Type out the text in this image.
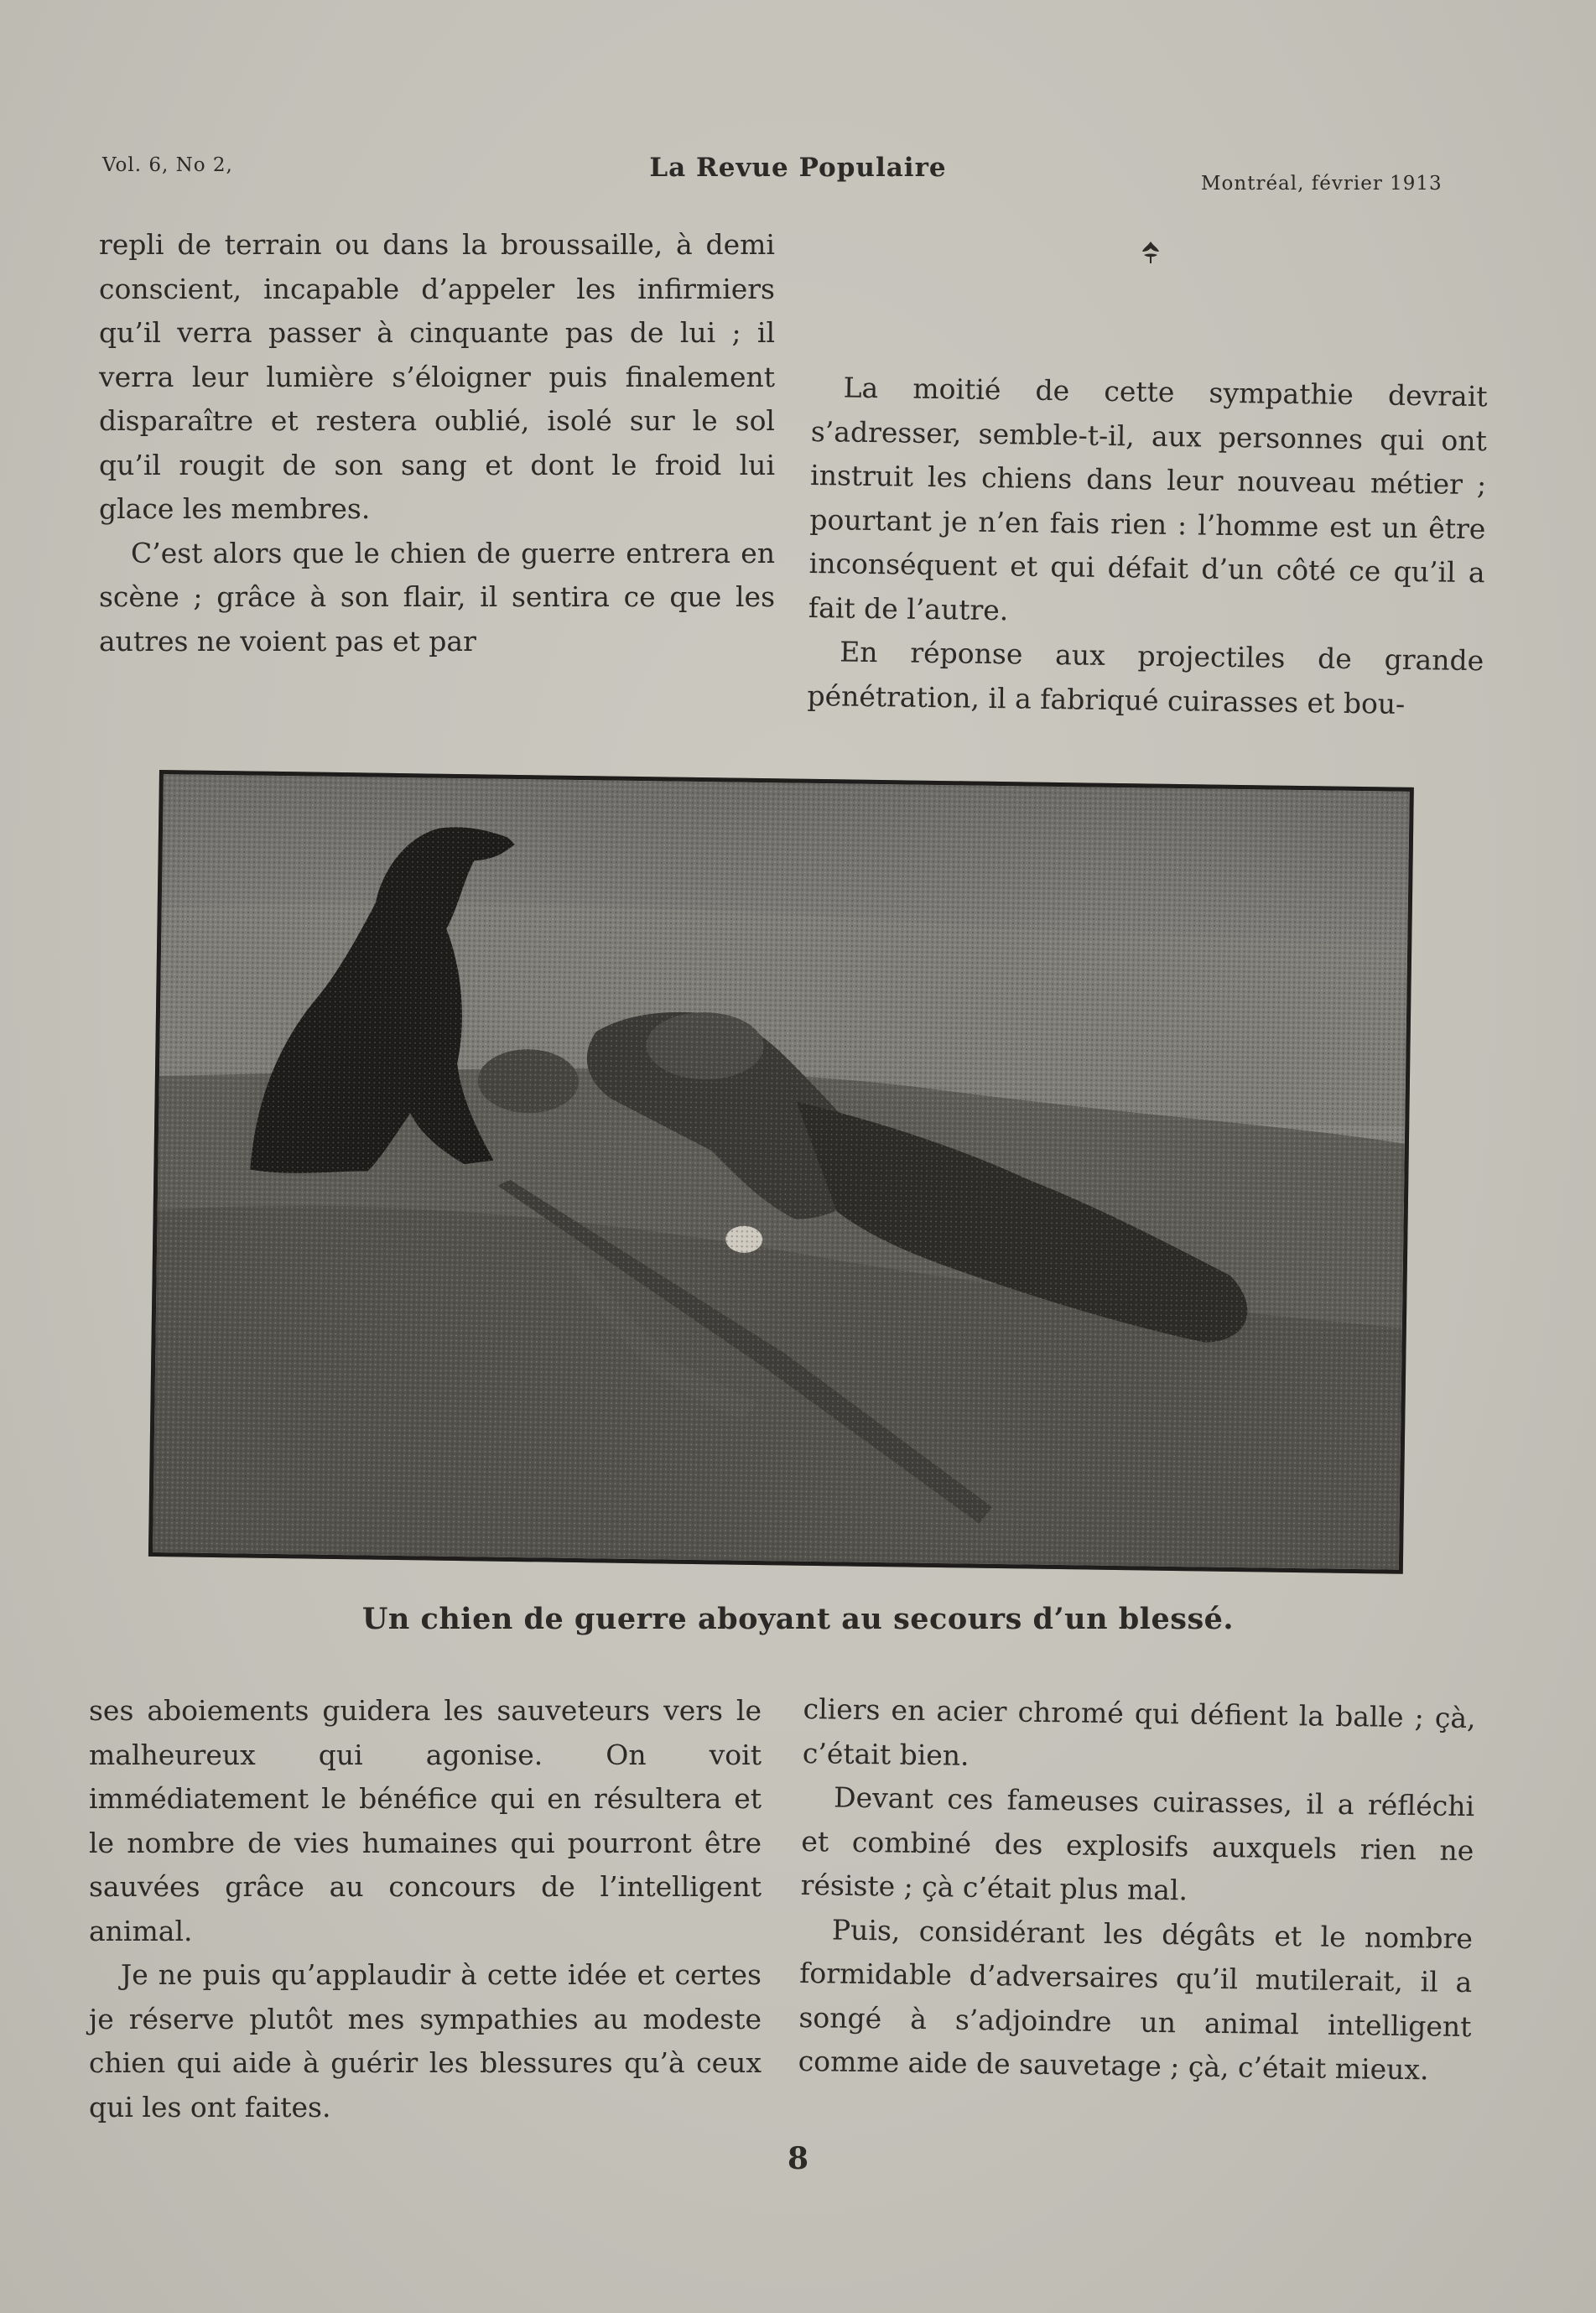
Vol. 6, No 2,	La Revue Populaire
Montréal, février 1913

repli de terrain ou dans la broussaille, à demi conscient, incapable d’appeler les infirmiers qu’il verra passer à cinquante pas de lui ; il verra leur lumière s’éloigner puis finalement disparaître et restera oublié, isolé sur le sol qu’il rougit de son sang et dont le froid lui glace les membres.

C’est alors que le chien de guerre entrera en scène ; grâce à son flair, il sentira ce que les autres ne voient pas et par

La moitié de cette sympathie devrait s’adresser, semble-t-il, aux personnes qui ont instruit les chiens dans leur nouveau métier ; pourtant je n’en fais rien : l’homme est un être inconséquent et qui défait d’un côté ce qu’il a fait de l’autre.

En réponse aux projectiles de grande pénétration, il a fabriqué cuirasses et bou-

Un chien de guerre aboyant au secours d’un blessé.

ses aboiements guidera les sauveteurs vers le malheureux qui agonise. On voit immédiatement le bénéfice qui en résultera et le nombre de vies humaines qui pourront être sauvées grâce au concours de l’intelligent animal.

Je ne puis qu’applaudir à cette idée et certes je réserve plutôt mes sympathies au modeste chien qui aide à guérir les blessures qu’à ceux qui les ont faites.

cliers en acier chromé qui défient la balle ; çà, c’était bien.

Devant ces fameuses cuirasses, il a réfléchi et combiné des explosifs auxquels rien ne résiste ; çà c’était plus mal.

Puis, considérant les dégâts et le nombre formidable d’adversaires qu’il mutilerait, il a songé à s’adjoindre un animal intelligent comme aide de sauvetage ; çà, c’était mieux.

8
